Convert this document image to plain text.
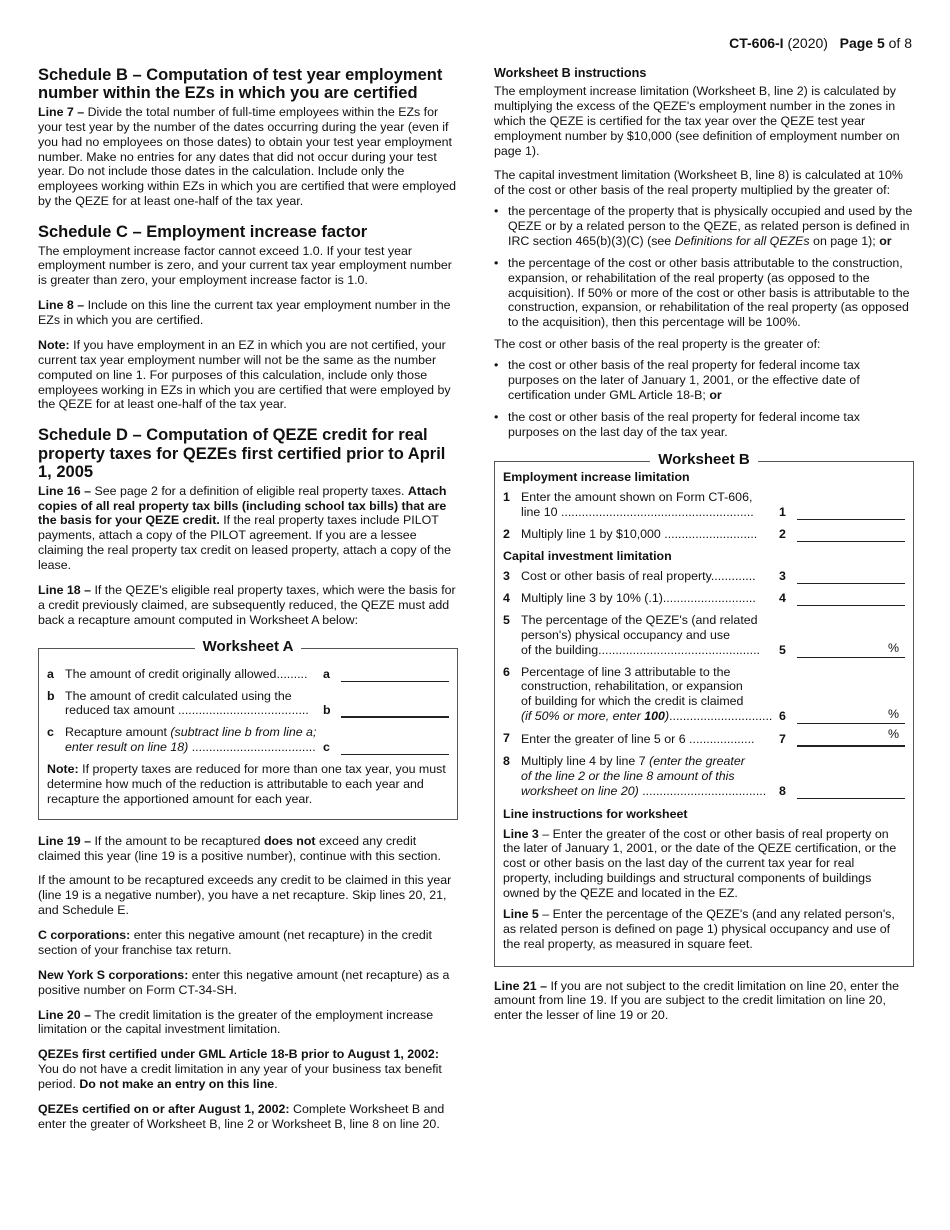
CT-606-I (2020) Page 5 of 8
Schedule B – Computation of test year employment number within the EZs in which you are certified

Line 7 – Divide the total number of full-time employees within the EZs for your test year by the number of the dates occurring during the year (even if you had no employees on those dates) to obtain your test year employment number. Make no entries for any dates that did not occur during your test year. Do not include those dates in the calculation. Include only the employees working within EZs in which you are certified that were employed by the QEZE for at least one-half of the tax year.

Schedule C – Employment increase factor

The employment increase factor cannot exceed 1.0. If your test year employment number is zero, and your current tax year employment number is greater than zero, your employment increase factor is 1.0.

Line 8 – Include on this line the current tax year employment number in the EZs in which you are certified.

Note: If you have employment in an EZ in which you are not certified, your current tax year employment number will not be the same as the number computed on line 1. For purposes of this calculation, include only those employees working in EZs in which you are certified that were employed by the QEZE for at least one-half of the tax year.

Schedule D – Computation of QEZE credit for real property taxes for QEZEs first certified prior to April 1, 2005

Line 16 – See page 2 for a definition of eligible real property taxes. Attach copies of all real property tax bills (including school tax bills) that are the basis for your QEZE credit. If the real property taxes include PILOT payments, attach a copy of the PILOT agreement. If you are a lessee claiming the real property tax credit on leased property, attach a copy of the lease.

Line 18 – If the QEZE's eligible real property taxes, which were the basis for a credit previously claimed, are subsequently reduced, the QEZE must add back a recapture amount computed in Worksheet A below:

Worksheet A
a The amount of credit originally allowed.........	a
b The amount of credit calculated using the
reduced tax amount ......................................	b
c Recapture amount (subtract line b from line a;
enter result on line 18) .................................... c

Note: If property taxes are reduced for more than one tax year, you must determine how much of the reduction is attributable to each year and recapture the apportioned amount for each year.

Line 19 – If the amount to be recaptured does not exceed any credit claimed this year (line 19 is a positive number), continue with this section.

If the amount to be recaptured exceeds any credit to be claimed in this year (line 19 is a negative number), you have a net recapture. Skip lines 20, 21, and Schedule E.

C corporations: enter this negative amount (net recapture) in the credit section of your franchise tax return.

New York S corporations: enter this negative amount (net recapture) as a positive number on Form CT-34-SH.

Line 20 – The credit limitation is the greater of the employment increase limitation or the capital investment limitation.

QEZEs first certified under GML Article 18-B prior to August 1, 2002: You do not have a credit limitation in any year of your business tax benefit period. Do not make an entry on this line.

QEZEs certified on or after August 1, 2002: Complete Worksheet B and enter the greater of Worksheet B, line 2 or Worksheet B, line 8 on line 20.

Worksheet B instructions

The employment increase limitation (Worksheet B, line 2) is calculated by multiplying the excess of the QEZE's employment number in the zones in which the QEZE is certified for the tax year over the QEZE test year employment number by $10,000 (see definition of employment number on page 1).

The capital investment limitation (Worksheet B, line 8) is calculated at 10% of the cost or other basis of the real property multiplied by the greater of:

• the percentage of the property that is physically occupied and used by the QEZE or by a related person to the QEZE, as related person is defined in IRC section 465(b)(3)(C) (see Definitions for all QEZEs on page 1); or
• the percentage of the cost or other basis attributable to the construction, expansion, or rehabilitation of the real property (as opposed to the acquisition). If 50% or more of the cost or other basis is attributable to the construction, expansion, or rehabilitation of the real property (as opposed to the acquisition), then this percentage will be 100%.

The cost or other basis of the real property is the greater of:

• the cost or other basis of the real property for federal income tax purposes on the later of January 1, 2001, or the effective date of certification under GML Article 18-B; or
• the cost or other basis of the real property for federal income tax purposes on the last day of the tax year.
Worksheet B
Employment increase limitation
1 Enter the amount shown on Form CT-606,
line 10 ........................................................	1
2 Multiply line 1 by $10,000 ...........................	2
Capital investment limitation
3 Cost or other basis of real property.............	3
4 Multiply line 3 by 10% (.1)...........................	4
5 The percentage of the QEZE's (and related
person's) physical occupancy and use
of the building...............................................	5	%
6 Percentage of line 3 attributable to the
construction, rehabilitation, or expansion
of building for which the credit is claimed
(if 50% or more, enter 100).............................. 6	%
7 Enter the greater of line 5 or 6 ...................	7	%
8 Multiply line 4 by line 7 (enter the greater
of the line 2 or the line 8 amount of this
worksheet on line 20) ....................................	8
Line instructions for worksheet

Line 3 – Enter the greater of the cost or other basis of real property on the later of January 1, 2001, or the date of the QEZE certification, or the cost or other basis on the last day of the current tax year for real property, including buildings and structural components of buildings owned by the QEZE and located in the EZ.

Line 5 – Enter the percentage of the QEZE's (and any related person's, as related person is defined on page 1) physical occupancy and use of the real property, as measured in square feet.

Line 21 – If you are not subject to the credit limitation on line 20, enter the amount from line 19. If you are subject to the credit limitation on line 20, enter the lesser of line 19 or 20.
